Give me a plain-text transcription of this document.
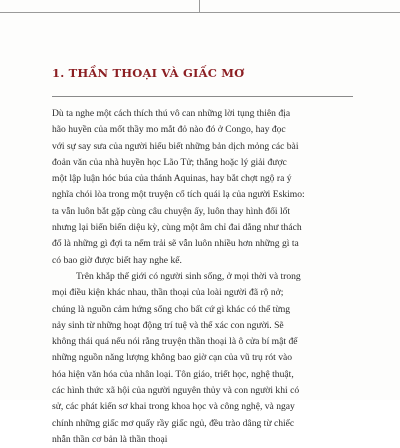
1. THẦN THOẠI VÀ GIẤC MƠ
Dù ta nghe một cách thích thú vô can những lời tụng thiên địa
hão huyền của mốt thầy mo mắt đỏ nào đó ở Congo, hay đọc
với sự say sưa của người hiểu biết những bản dịch mỏng các bài
đoản văn của nhà huyền học Lão Tử; thẳng hoặc lý giải được
một lập luận hóc búa của thánh Aquinas, hay bắt chợt ngộ ra ý
nghĩa chói lòa trong một truyện cổ tích quái lạ của người Eskimo:
ta vẫn luôn bắt gặp cùng câu chuyện ấy, luôn thay hình đổi lốt
nhưng lại biến biến diệu kỳ, cùng một âm chỉ đai dẳng như thách
đố là những gì đợi ta nếm trải sẽ vẫn luôn nhiều hơn những gì ta
có bao giờ được biết hay nghe kể.
Trên khắp thế giới có người sinh sống, ở mọi thời và trong
mọi điều kiện khác nhau, thần thoại của loài người đã rộ nở;
chúng là nguồn cảm hứng sống cho bất cứ gì khác có thể từng
nảy sinh từ những hoạt động trí tuệ và thể xác con người. Sẽ
không thái quá nếu nói rằng truyện thần thoại là ô cửa bí mật để
những nguồn năng lượng không bao giờ cạn của vũ trụ rót vào
hóa hiện văn hóa của nhân loại. Tôn giáo, triết học, nghệ thuật,
các hình thức xã hội của người nguyên thủy và con người khi có
sử, các phát kiến sơ khai trong khoa học và công nghệ, và ngay
chính những giấc mơ quấy rầy giấc ngủ, đều trào dâng từ chiếc
nhẫn thần cơ bản là thần thoại
